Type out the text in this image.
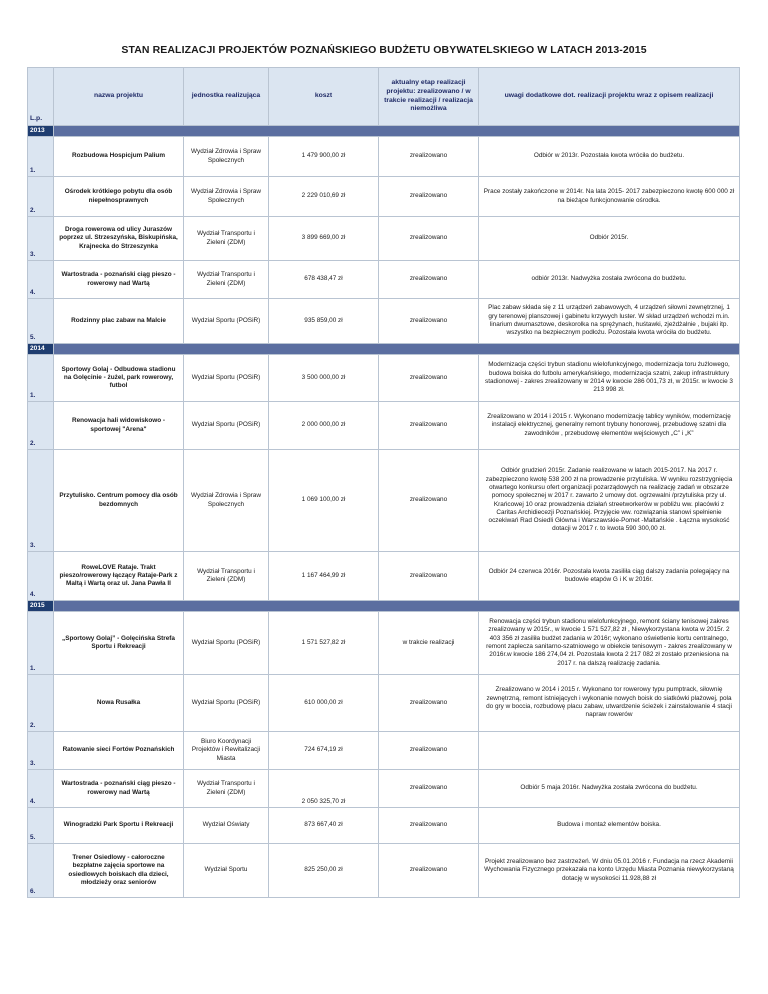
STAN REALIZACJI PROJEKTÓW POZNAŃSKIEGO BUDŻETU OBYWATELSKIEGO W LATACH 2013-2015
L.p.	nazwa projektu	jednostka realizująca	koszt	aktualny etap realizacji projektu: zrealizowano / w trakcie realizacji / realizacja niemożliwa	uwagi dodatkowe dot. realizacji projektu wraz z opisem realizacji
2013					
1.	Rozbudowa Hospicjum Palium	Wydział Zdrowia i Spraw Społecznych	1 479 900,00 zł	zrealizowano	Odbiór w 2013r. Pozostała kwota wróciła do budżetu.
2.	Ośrodek krótkiego pobytu dla osób niepełnosprawnych	Wydział Zdrowia i Spraw Społecznych	2 229 010,69 zł	zrealizowano	Prace zostały zakończone w 2014r. Na lata 2015- 2017 zabezpieczono kwotę 600 000 zł na bieżące funkcjonowanie ośrodka.
3.	Droga rowerowa od ulicy Juraszów poprzez ul. Strzeszyńska, Biskupińska, Krajnecka do Strzeszynka	Wydział Transportu i Zieleni (ZDM)	3 899 669,00 zł	zrealizowano	Odbiór 2015r.
4.	Wartostrada - poznański ciąg pieszo - rowerowy nad Wartą	Wydział Transportu i Zieleni (ZDM)	678 438,47 zł	zrealizowano	odbiór 2013r. Nadwyżka została zwrócona do budżetu.
5.	Rodzinny plac zabaw na Malcie	Wydział Sportu (POSiR)	935 859,00 zł	zrealizowano	Plac zabaw składa się z 11 urządzeń zabawowych, 4 urządzeń siłowni zewnętrznej, 1 gry terenowej planszowej i gabinetu krzywych luster. W skład urządzeń wchodzi m.in. linarium dwumasztowe, deskorolka na sprężynach, huśtawki, zjeżdżalnie , bujaki itp. wszystko na bezpiecznym podłożu. Pozostała kwota wróciła do budżetu.
2014					
1.	Sportowy Golaj - Odbudowa stadionu na Golęcinie - żużel, park rowerowy, futbol	Wydział Sportu (POSiR)	3 500 000,00 zł	zrealizowano	Modernizacja części trybun stadionu wielofunkcyjnego, modernizacja toru żużlowego, budowa boiska do futbolu amerykańskiego, modernizacja szatni, zakup infrastruktury stadionowej - zakres zrealizowany w 2014 w kwocie 286 001,73 zł, w 2015r. w kwocie 3 213 998 zł.
2.	Renowacja hali widowiskowo - sportowej "Arena"	Wydział Sportu (POSiR)	2 000 000,00 zł	zrealizowano	Zrealizowano w 2014 i 2015 r. Wykonano modernizację tablicy wyników, modernizację instalacji elektrycznej, generalny remont trybuny honorowej, przebudowę szatni dla zawodników , przebudowę elementów wejściowych „C” i „K”
3.	Przytulisko. Centrum pomocy dla osób bezdomnych	Wydział Zdrowia i Spraw Społecznych	1 069 100,00 zł	zrealizowano	Odbiór grudzień 2015r. Zadanie realizowane w latach 2015-2017. Na 2017 r. zabezpieczono kwotę 538 200 zł na prowadzenie przytuliska. W wyniku rozstrzygnięcia otwartego konkursu ofert organizacji pozarządowych na realizację zadań w obszarze pomocy społecznej w 2017 r. zawarto 2 umowy dot. ogrzewalni /przytuliska przy ul. Krańcowej 10 oraz prowadzenia działań streetworkerów w pobliżu ww. placówki z Caritas Archidiecezji Poznańskiej. Przyjęcie ww. rozwiązania stanowi spełnienie oczekiwań Rad Osiedli Główna i Warszawskie-Pomet -Maltańskie . Łączna wysokość dotacji w 2017 r. to kwota 590 300,00 zł.
4.	RoweLOVE Rataje. Trakt pieszo/rowerowy łączący Rataje-Park z Maltą i Wartą oraz ul. Jana Pawła II	Wydział Transportu i Zieleni (ZDM)	1 167 464,99 zł	zrealizowano	Odbiór 24 czerwca 2016r. Pozostała kwota zasiliła ciąg dalszy zadania polegający na budowie etapów G i K w 2016r.
2015					
1.	„Sportowy Golaj” - Golęcińska Strefa Sportu i Rekreacji	Wydział Sportu (POSiR)	1 571 527,82 zł	w trakcie realizacji	Renowacja części trybun stadionu wielofunkcyjnego, remont ściany tenisowej zakres zrealizowany w 2015r., w kwocie 1 571 527,82 zł , Niewykorzystana kwota w 2015r. 2 403 356 zł zasiliła budżet zadania w 2016r; wykonano oświetlenie kortu centralnego, remont zaplecza sanitarno-szatniowego w obiekcie tenisowym - zakres zrealizowany w 2016r.w kwocie 186 274,04 zł. Pozostała kwota 2 217 082 zł zostało przeniesiona na 2017 r. na dalszą realizację zadania.
2.	Nowa Rusałka	Wydział Sportu (POSiR)	610 000,00 zł	zrealizowano	Zrealizowano w 2014 i 2015 r. Wykonano tor rowerowy typu pumptrack, siłownię zewnętrzną, remont istniejących i wykonanie nowych boisk do siatkówki plażowej, pola do gry w boccia, rozbudowę placu zabaw, utwardzenie ścieżek i zainstalowanie 4 stacji napraw rowerów
3.	Ratowanie sieci Fortów Poznańskich	Biuro Koordynacji Projektów i Rewitalizacji Miasta	724 674,19 zł	zrealizowano	
4.	Wartostrada - poznański ciąg pieszo - rowerowy nad Wartą	Wydział Transportu i Zieleni (ZDM)	2 050 325,70 zł	zrealizowano	Odbiór 5 maja 2016r. Nadwyżka została zwrócona do budżetu.
5.	Winogradzki Park Sportu i Rekreacji	Wydział Oświaty	873 667,40 zł	zrealizowano	Budowa i montaż elementów boiska.
6.	Trener Osiedlowy - całoroczne bezpłatne zajęcia sportowe na osiedlowych boiskach dla dzieci, młodzieży oraz seniorów	Wydział Sportu	825 250,00 zł	zrealizowano	Projekt zrealizowano bez zastrzeżeń. W dniu 05.01.2016 r. Fundacja na rzecz Akademii Wychowania Fizycznego przekazała na konto Urzędu Miasta Poznania niewykorzystaną dotację w wysokości 11.928,88 zł
